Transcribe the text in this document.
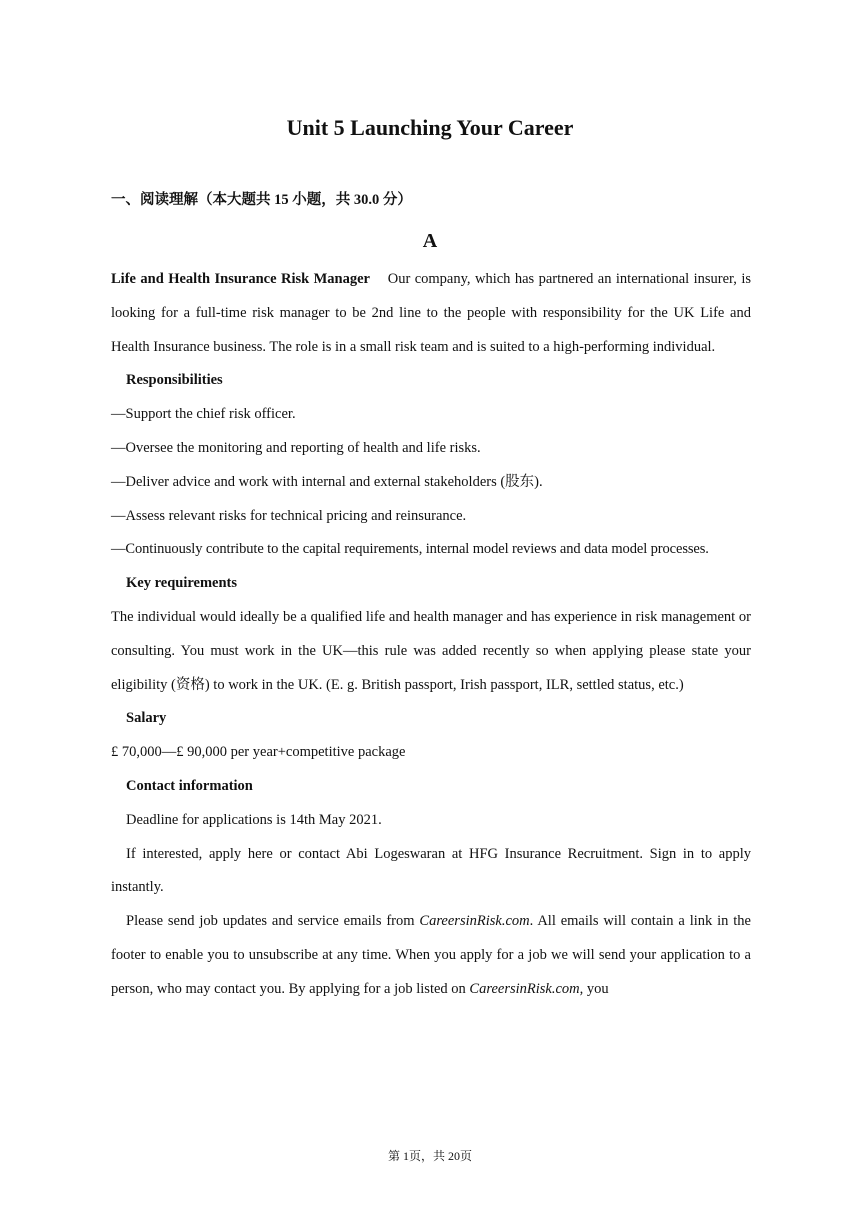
Unit 5 Launching Your Career
一、阅读理解（本大题共 15 小题，共 30.0 分）
A

Life and Health Insurance Risk Manager Our company, which has partnered an international insurer, is looking for a full-time risk manager to be 2nd line to the people with responsibility for the UK Life and Health Insurance business. The role is in a small risk team and is suited to a high-performing individual.

Responsibilities

—Support the chief risk officer.

—Oversee the monitoring and reporting of health and life risks.

—Deliver advice and work with internal and external stakeholders (股东).

—Assess relevant risks for technical pricing and reinsurance.

—Continuously contribute to the capital requirements, internal model reviews and data model processes.

Key requirements

The individual would ideally be a qualified life and health manager and has experience in risk management or consulting. You must work in the UK—this rule was added recently so when applying please state your eligibility (资格) to work in the UK. (E. g. British passport, Irish passport, ILR, settled status, etc.)

Salary

£ 70,000—£ 90,000 per year+competitive package

Contact information

Deadline for applications is 14th May 2021.

If interested, apply here or contact Abi Logeswaran at HFG Insurance Recruitment. Sign in to apply instantly.

Please send job updates and service emails from CareersinRisk.com. All emails will contain a link in the footer to enable you to unsubscribe at any time. When you apply for a job we will send your application to a person, who may contact you. By applying for a job listed on CareersinRisk.com, you

第 1页，共 20页
